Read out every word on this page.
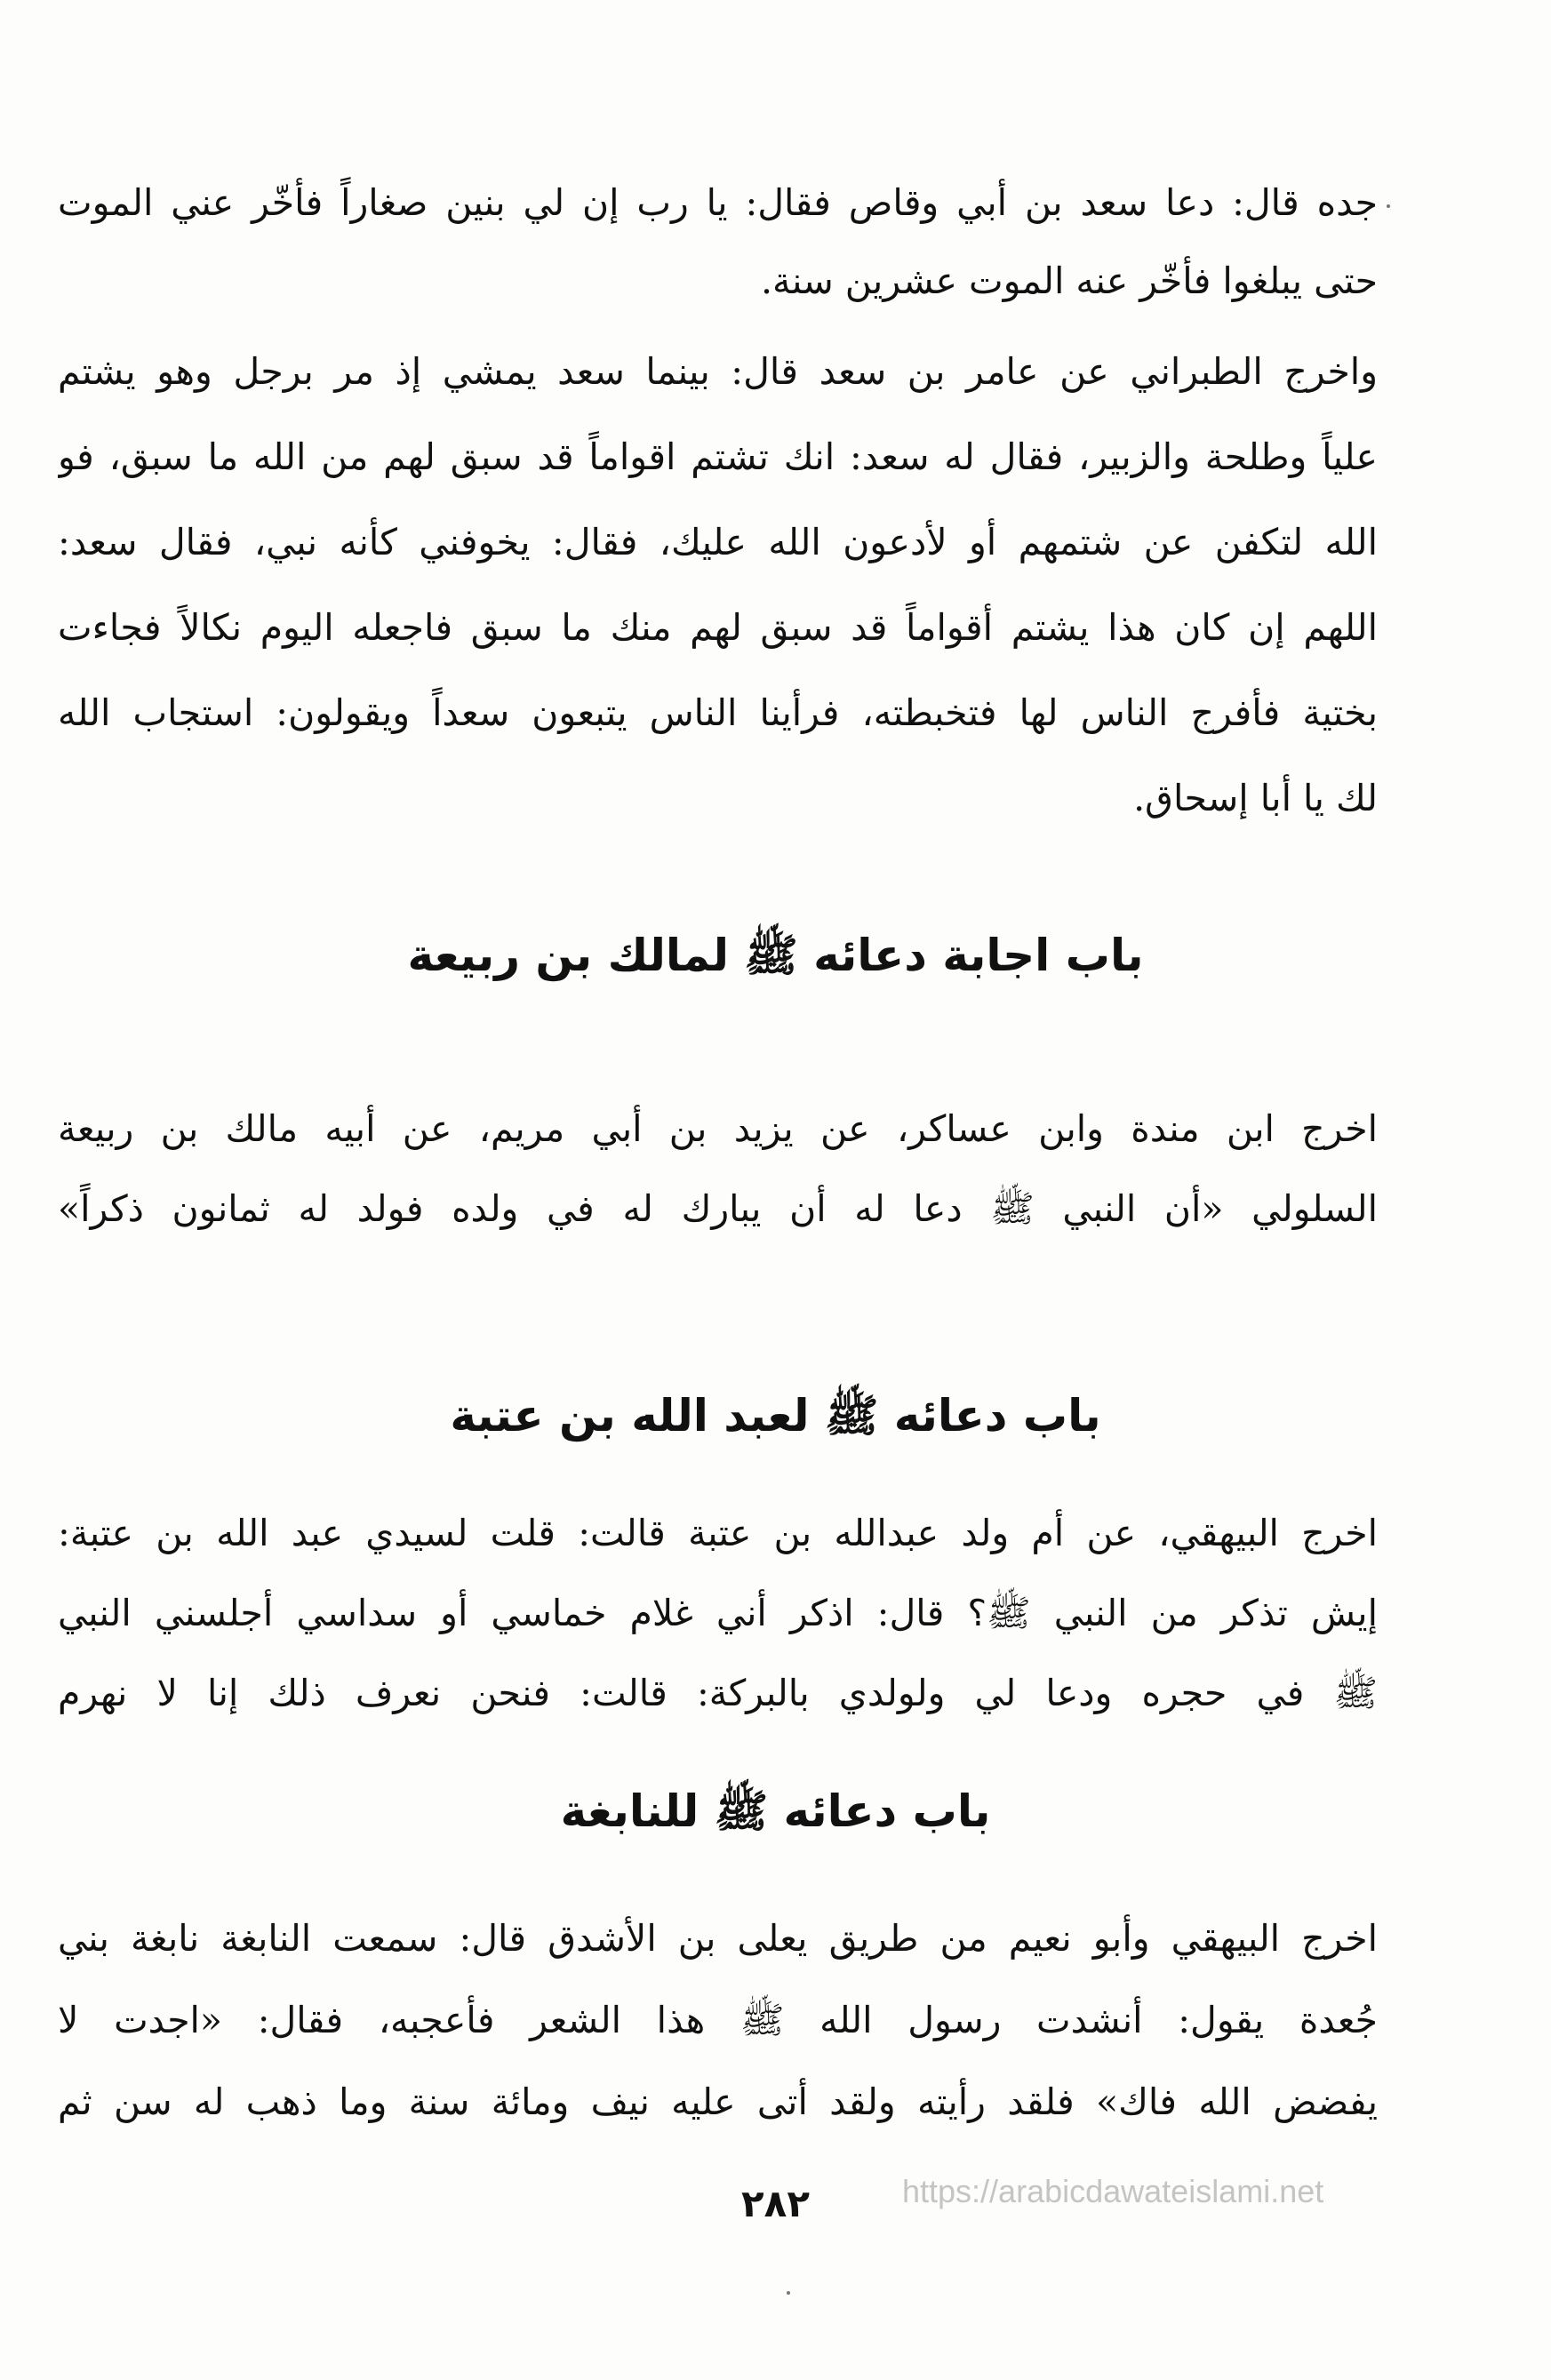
جده قال: دعا سعد بن أبي وقاص فقال: يا رب إن لي بنين صغاراً فأخّر عني الموت
حتى يبلغوا فأخّر عنه الموت عشرين سنة.
واخرج الطبراني عن عامر بن سعد قال: بينما سعد يمشي إذ مر برجل وهو يشتم
علياً وطلحة والزبير، فقال له سعد: انك تشتم اقواماً قد سبق لهم من الله ما سبق، فو
الله لتكفن عن شتمهم أو لأدعون الله عليك، فقال: يخوفني كأنه نبي، فقال سعد:
اللهم إن كان هذا يشتم أقواماً قد سبق لهم منك ما سبق فاجعله اليوم نكالاً فجاءت
بختية فأفرج الناس لها فتخبطته، فرأينا الناس يتبعون سعداً ويقولون: استجاب الله
لك يا أبا إسحاق.
باب اجابة دعائه ﷺ لمالك بن ربيعة
اخرج ابن مندة وابن عساكر، عن يزيد بن أبي مريم، عن أبيه مالك بن ربيعة
السلولي «أن النبي ﷺ دعا له أن يبارك له في ولده فولد له ثمانون ذكراً»
باب دعائه ﷺ لعبد الله بن عتبة
اخرج البيهقي، عن أم ولد عبدالله بن عتبة قالت: قلت لسيدي عبد الله بن عتبة:
إيش تذكر من النبي ﷺ؟ قال: اذكر أني غلام خماسي أو سداسي أجلسني النبي
ﷺ في حجره ودعا لي ولولدي بالبركة: قالت: فنحن نعرف ذلك إنا لا نهرم
باب دعائه ﷺ للنابغة
اخرج البيهقي وأبو نعيم من طريق يعلى بن الأشدق قال: سمعت النابغة نابغة بني
جُعدة يقول: أنشدت رسول الله ﷺ هذا الشعر فأعجبه، فقال: «اجدت لا
يفضض الله فاك» فلقد رأيته ولقد أتى عليه نيف ومائة سنة وما ذهب له سن ثم
https://arabicdawateislami.net
٢٨٢
